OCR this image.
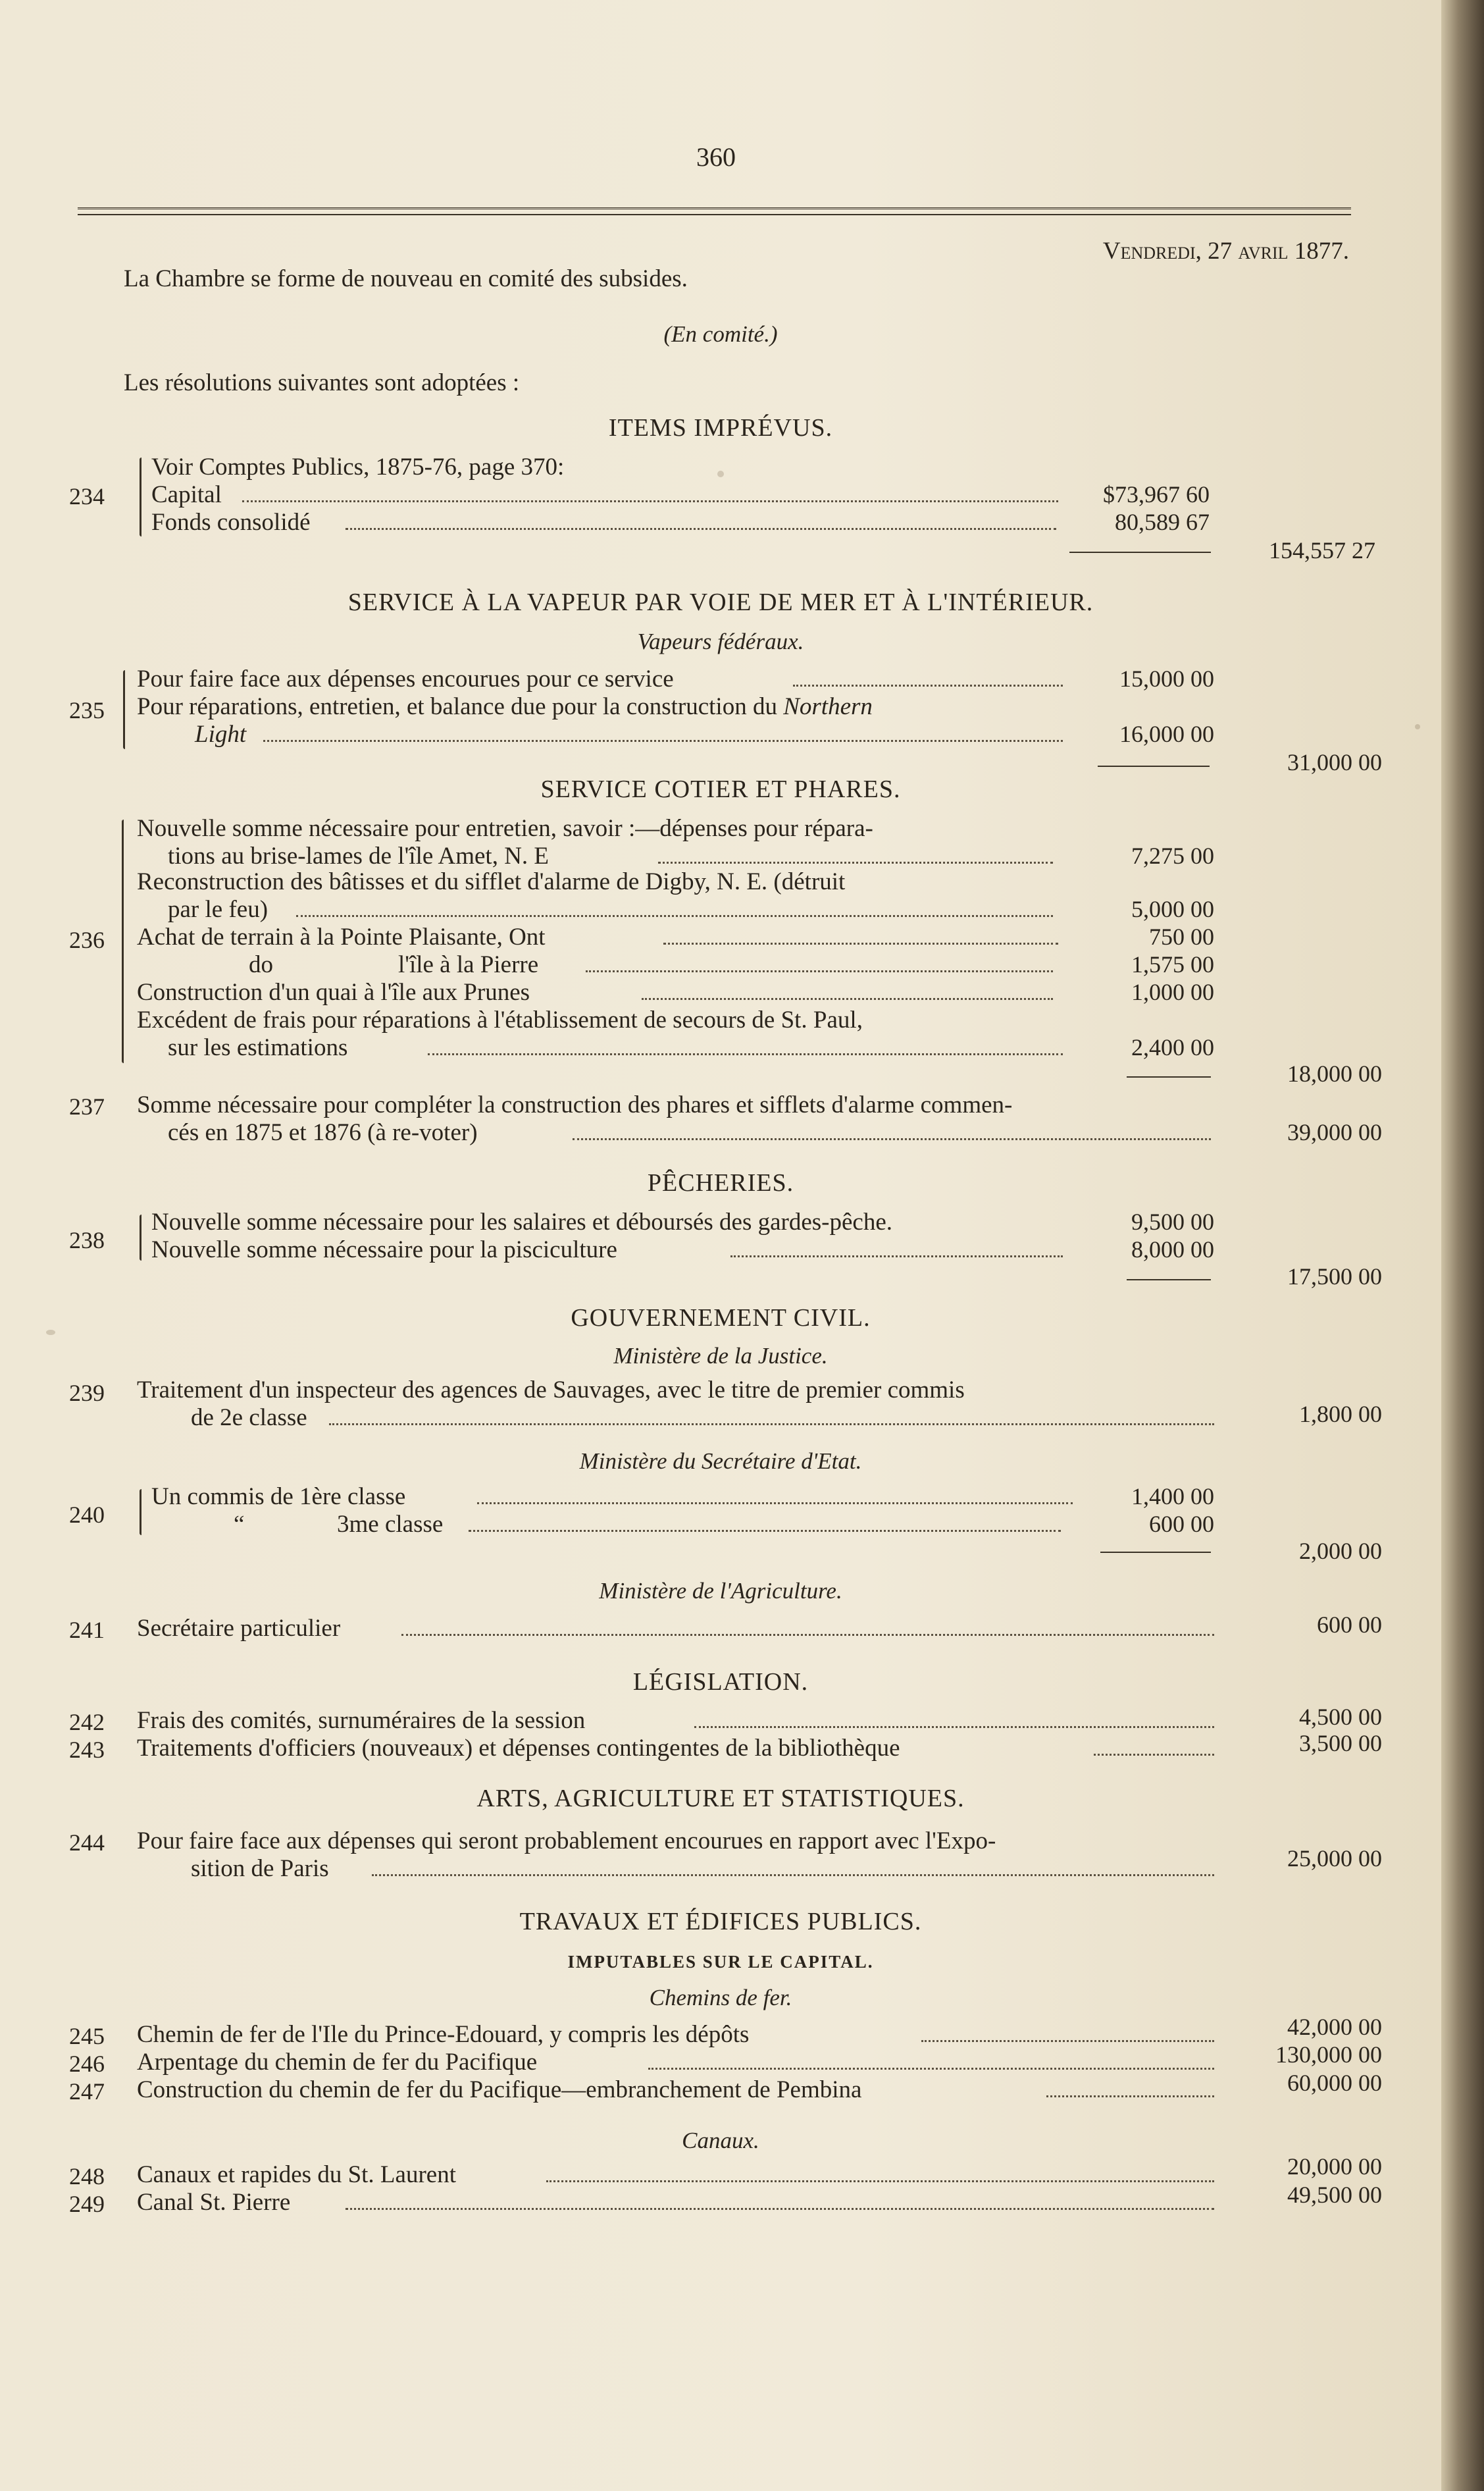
360
Vendredi, 27 avril 1877.
La Chambre se forme de nouveau en comité des subsides.
(En comité.)
Les résolutions suivantes sont adoptées :
ITEMS IMPRÉVUS.
234
Voir Comptes Publics, 1875-76, page 370:
Capital	$73,967 60
Fonds consolidé	80,589 67
154,557 27
SERVICE À LA VAPEUR PAR VOIE DE MER ET À L'INTÉRIEUR.
Vapeurs fédéraux.
235
Pour faire face aux dépenses encourues pour ce service	15,000 00
Pour réparations, entretien, et balance due pour la construction du Northern
Light	16,000 00
31,000 00
SERVICE COTIER ET PHARES.
236
Nouvelle somme nécessaire pour entretien, savoir :—dépenses pour répara-
tions au brise-lames de l'île Amet, N. E	7,275 00
Reconstruction des bâtisses et du sifflet d'alarme de Digby, N. E. (détruit
par le feu)	5,000 00
Achat de terrain à la Pointe Plaisante, Ont	750 00
do	l'île à la Pierre	1,575 00
Construction d'un quai à l'île aux Prunes	1,000 00
Excédent de frais pour réparations à l'établissement de secours de St. Paul,
sur les estimations	2,400 00
18,000 00
237 Somme nécessaire pour compléter la construction des phares et sifflets d'alarme commen-
cés en 1875 et 1876 (à re-voter)	39,000 00
PÊCHERIES.
238
Nouvelle somme nécessaire pour les salaires et déboursés des gardes-pêche.	9,500 00
Nouvelle somme nécessaire pour la pisciculture	8,000 00
17,500 00
GOUVERNEMENT CIVIL.
Ministère de la Justice.
239 Traitement d'un inspecteur des agences de Sauvages, avec le titre de premier commis
de 2e classe	1,800 00
Ministère du Secrétaire d'Etat.
240
Un commis de 1ère classe	1,400 00
“	3me classe	600 00
2,000 00
Ministère de l'Agriculture.
241 Secrétaire particulier	600 00
LÉGISLATION.
242 Frais des comités, surnuméraires de la session	4,500 00
243 Traitements d'officiers (nouveaux) et dépenses contingentes de la bibliothèque	3,500 00
ARTS, AGRICULTURE ET STATISTIQUES.
244 Pour faire face aux dépenses qui seront probablement encourues en rapport avec l'Expo-
sition de Paris	25,000 00
TRAVAUX ET ÉDIFICES PUBLICS.
IMPUTABLES SUR LE CAPITAL.
Chemins de fer.
245 Chemin de fer de l'Ile du Prince-Edouard, y compris les dépôts	42,000 00
246 Arpentage du chemin de fer du Pacifique	130,000 00
247 Construction du chemin de fer du Pacifique—embranchement de Pembina	60,000 00
Canaux.
248 Canaux et rapides du St. Laurent	20,000 00
249 Canal St. Pierre	49,500 00
